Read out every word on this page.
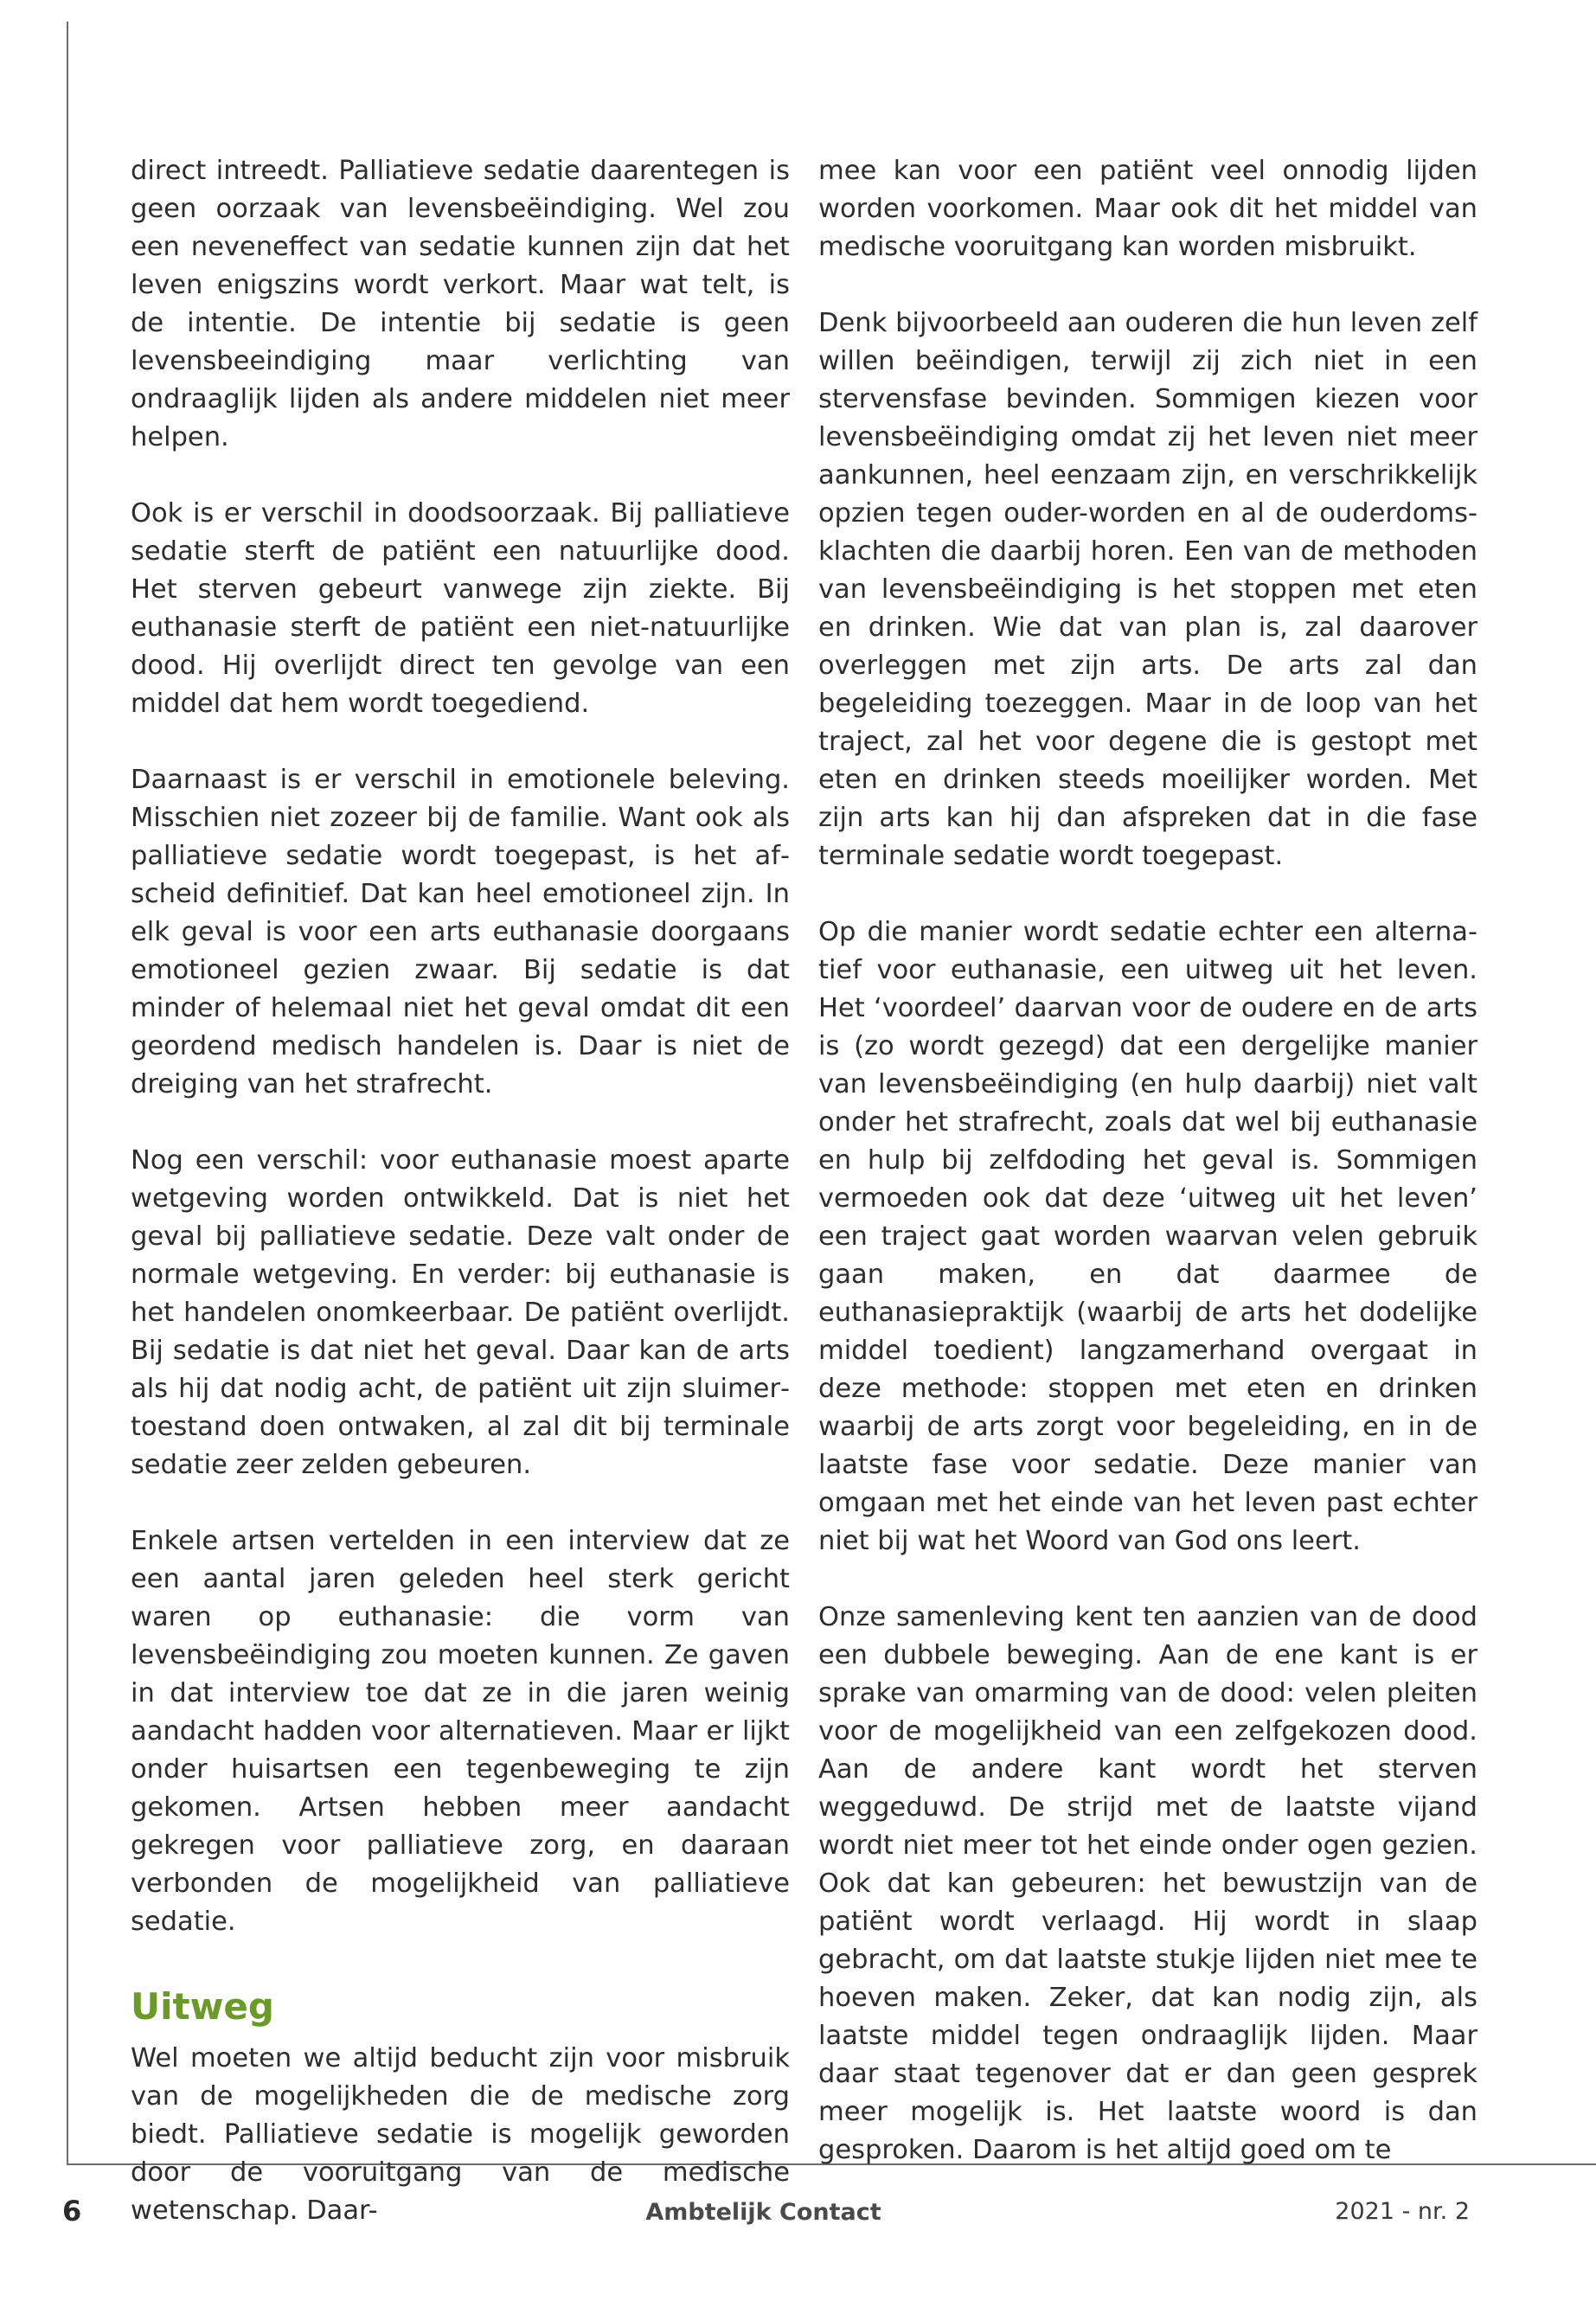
direct intreedt. Palliatieve sedatie daarentegen is geen oorzaak van levensbeëindiging. Wel zou een neveneffect van sedatie kunnen zijn dat het leven enigszins wordt verkort. Maar wat telt, is de intentie. De intentie bij sedatie is geen levensbeeindiging maar verlichting van ondraaglijk lijden als andere middelen niet meer helpen.

Ook is er verschil in doodsoorzaak. Bij palliatieve sedatie sterft de patiënt een natuurlijke dood. Het sterven gebeurt vanwege zijn ziekte. Bij euthanasie sterft de patiënt een niet-natuurlijke dood. Hij overlijdt direct ten gevolge van een middel dat hem wordt toegediend.

Daarnaast is er verschil in emotionele beleving. Misschien niet zozeer bij de familie. Want ook als palliatieve sedatie wordt toegepast, is het afscheid definitief. Dat kan heel emotioneel zijn. In elk geval is voor een arts euthanasie doorgaans emotioneel gezien zwaar. Bij sedatie is dat minder of helemaal niet het geval omdat dit een geordend medisch handelen is. Daar is niet de dreiging van het strafrecht.

Nog een verschil: voor euthanasie moest aparte wetgeving worden ontwikkeld. Dat is niet het geval bij palliatieve sedatie. Deze valt onder de normale wetgeving. En verder: bij euthanasie is het handelen onomkeerbaar. De patiënt overlijdt. Bij sedatie is dat niet het geval. Daar kan de arts als hij dat nodig acht, de patiënt uit zijn sluimertoestand doen ontwaken, al zal dit bij terminale sedatie zeer zelden gebeuren.

Enkele artsen vertelden in een interview dat ze een aantal jaren geleden heel sterk gericht waren op euthanasie: die vorm van levensbeëindiging zou moeten kunnen. Ze gaven in dat interview toe dat ze in die jaren weinig aandacht hadden voor alternatieven. Maar er lijkt onder huisartsen een tegenbeweging te zijn gekomen. Artsen hebben meer aandacht gekregen voor palliatieve zorg, en daaraan verbonden de mogelijkheid van palliatieve sedatie.

Uitweg

Wel moeten we altijd beducht zijn voor misbruik van de mogelijkheden die de medische zorg biedt. Palliatieve sedatie is mogelijk geworden door de vooruitgang van de medische wetenschap. Daar-

mee kan voor een patiënt veel onnodig lijden worden voorkomen. Maar ook dit het middel van medische vooruitgang kan worden misbruikt.

Denk bijvoorbeeld aan ouderen die hun leven zelf willen beëindigen, terwijl zij zich niet in een stervensfase bevinden. Sommigen kiezen voor levensbeëindiging omdat zij het leven niet meer aankunnen, heel eenzaam zijn, en verschrikkelijk opzien tegen ouder-worden en al de ouderdomsklachten die daarbij horen. Een van de methoden van levensbeëindiging is het stoppen met eten en drinken. Wie dat van plan is, zal daarover overleggen met zijn arts. De arts zal dan begeleiding toezeggen. Maar in de loop van het traject, zal het voor degene die is gestopt met eten en drinken steeds moeilijker worden. Met zijn arts kan hij dan afspreken dat in die fase terminale sedatie wordt toegepast.

Op die manier wordt sedatie echter een alternatief voor euthanasie, een uitweg uit het leven. Het ‘voordeel’ daarvan voor de oudere en de arts is (zo wordt gezegd) dat een dergelijke manier van levensbeëindiging (en hulp daarbij) niet valt onder het strafrecht, zoals dat wel bij euthanasie en hulp bij zelfdoding het geval is. Sommigen vermoeden ook dat deze ‘uitweg uit het leven’ een traject gaat worden waarvan velen gebruik gaan maken, en dat daarmee de euthanasiepraktijk (waarbij de arts het dodelijke middel toedient) langzamerhand overgaat in deze methode: stoppen met eten en drinken waarbij de arts zorgt voor begeleiding, en in de laatste fase voor sedatie. Deze manier van omgaan met het einde van het leven past echter niet bij wat het Woord van God ons leert.

Onze samenleving kent ten aanzien van de dood een dubbele beweging. Aan de ene kant is er sprake van omarming van de dood: velen pleiten voor de mogelijkheid van een zelfgekozen dood. Aan de andere kant wordt het sterven weggeduwd. De strijd met de laatste vijand wordt niet meer tot het einde onder ogen gezien. Ook dat kan gebeuren: het bewustzijn van de patiënt wordt verlaagd. Hij wordt in slaap gebracht, om dat laatste stukje lijden niet mee te hoeven maken. Zeker, dat kan nodig zijn, als laatste middel tegen ondraaglijk lijden. Maar daar staat tegenover dat er dan geen gesprek meer mogelijk is. Het laatste woord is dan gesproken. Daarom is het altijd goed om te

6	Ambtelijk Contact	2021 - nr. 2
